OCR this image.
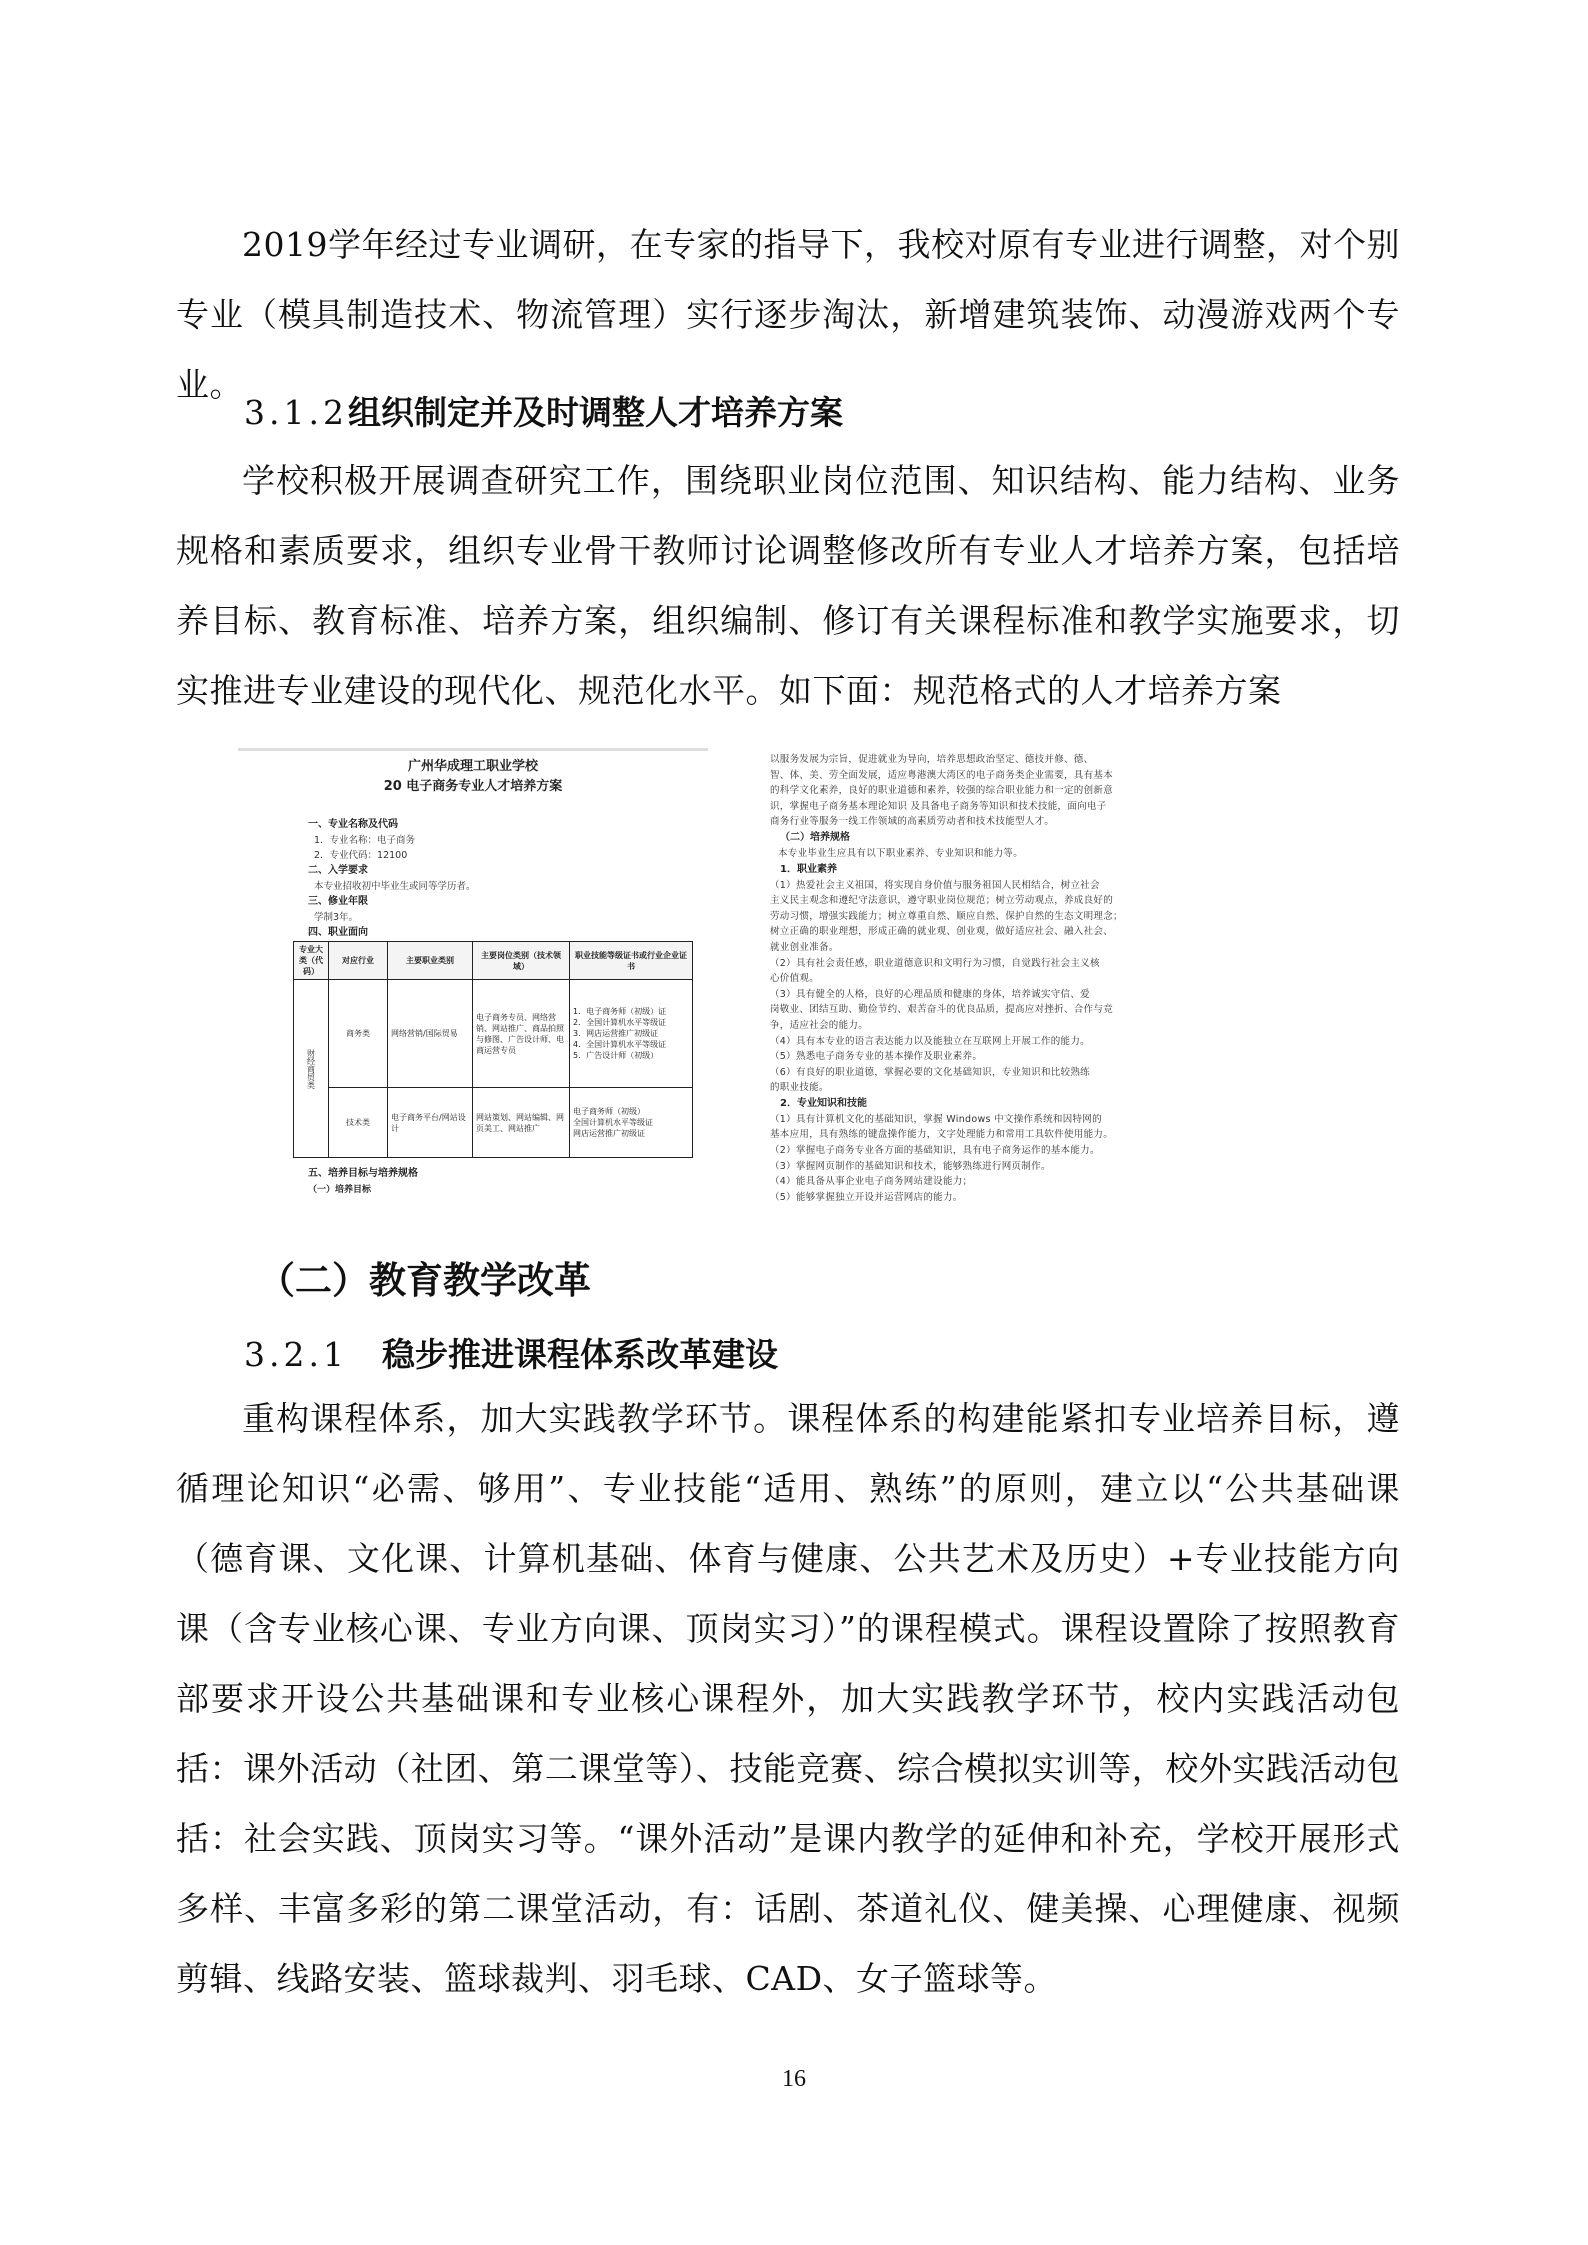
2019学年经过专业调研，在专家的指导下，我校对原有专业进行调整，对个别专业（模具制造技术、物流管理）实行逐步淘汰，新增建筑装饰、动漫游戏两个专业。
3.1.2组织制定并及时调整人才培养方案
学校积极开展调查研究工作，围绕职业岗位范围、知识结构、能力结构、业务规格和素质要求，组织专业骨干教师讨论调整修改所有专业人才培养方案，包括培养目标、教育标准、培养方案，组织编制、修订有关课程标准和教学实施要求，切实推进专业建设的现代化、规范化水平。如下面：规范格式的人才培养方案
广州华成理工职业学校
20 电子商务专业人才培养方案
一、专业名称及代码
1．专业名称：电子商务
2．专业代码：12100
二、入学要求
本专业招收初中毕业生或同等学历者。
三、修业年限
学制3年。
四、职业面向
专业大类（代码）	对应行业	主要职业类别	主要岗位类别（技术领域）	职业技能等级证书或行业企业证书
财经商贸类	商务类	网络营销/国际贸易	电子商务专员、网络营销、网站推广、商品拍照与修图、广告设计师、电商运营专员	1．电子商务师（初级）证
2．全国计算机水平等级证
3．网店运营推广初级证
4．全国计算机水平等级证
5．广告设计师（初级）
	技术类	电子商务平台/网站设计	网站策划、网站编辑、网页美工、网站推广	电子商务师（初级）
全国计算机水平等级证
网店运营推广初级证
五、培养目标与培养规格
（一）培养目标
以服务发展为宗旨，促进就业为导向，培养思想政治坚定、德技并修、德、
智、体、美、劳全面发展，适应粤港澳大湾区的电子商务类企业需要，具有基本
的科学文化素养，良好的职业道德和素养，较强的综合职业能力和一定的创新意
识，掌握电子商务基本理论知识 及具备电子商务等知识和技术技能，面向电子
商务行业等服务一线工作领域的高素质劳动者和技术技能型人才。
（二）培养规格
本专业毕业生应具有以下职业素养、专业知识和能力等。
1．职业素养
（1）热爱社会主义祖国，将实现自身价值与服务祖国人民相结合，树立社会
主义民主观念和遵纪守法意识，遵守职业岗位规范；树立劳动观点，养成良好的
劳动习惯，增强实践能力；树立尊重自然、顺应自然、保护自然的生态文明理念；
树立正确的职业理想，形成正确的就业观、创业观，做好适应社会、融入社会、
就业创业准备。
（2）具有社会责任感，职业道德意识和文明行为习惯，自觉践行社会主义核
心价值观。
（3）具有健全的人格，良好的心理品质和健康的身体，培养诚实守信、爱
岗敬业、团结互助、勤俭节约、艰苦奋斗的优良品质，提高应对挫折、合作与竞
争，适应社会的能力。
（4）具有本专业的语言表达能力以及能独立在互联网上开展工作的能力。
（5）熟悉电子商务专业的基本操作及职业素养。
（6）有良好的职业道德，掌握必要的文化基础知识，专业知识和比较熟练
的职业技能。
2．专业知识和技能
（1）具有计算机文化的基础知识，掌握 Windows 中文操作系统和因特网的
基本应用，具有熟练的键盘操作能力，文字处理能力和常用工具软件使用能力。
（2）掌握电子商务专业各方面的基础知识，具有电子商务运作的基本能力。
（3）掌握网页制作的基础知识和技术，能够熟练进行网页制作。
（4）能具备从事企业电子商务网站建设能力；
（5）能够掌握独立开设并运营网店的能力。
（二）教育教学改革
3.2.1 稳步推进课程体系改革建设
重构课程体系，加大实践教学环节。课程体系的构建能紧扣专业培养目标，遵循理论知识“必需、够用”、专业技能“适用、熟练”的原则，建立以“公共基础课（德育课、文化课、计算机基础、体育与健康、公共艺术及历史）+专业技能方向课（含专业核心课、专业方向课、顶岗实习）”的课程模式。课程设置除了按照教育部要求开设公共基础课和专业核心课程外，加大实践教学环节，校内实践活动包括：课外活动（社团、第二课堂等）、技能竞赛、综合模拟实训等，校外实践活动包括：社会实践、顶岗实习等。“课外活动”是课内教学的延伸和补充，学校开展形式多样、丰富多彩的第二课堂活动，有：话剧、茶道礼仪、健美操、心理健康、视频剪辑、线路安装、篮球裁判、羽毛球、CAD、女子篮球等。
16
